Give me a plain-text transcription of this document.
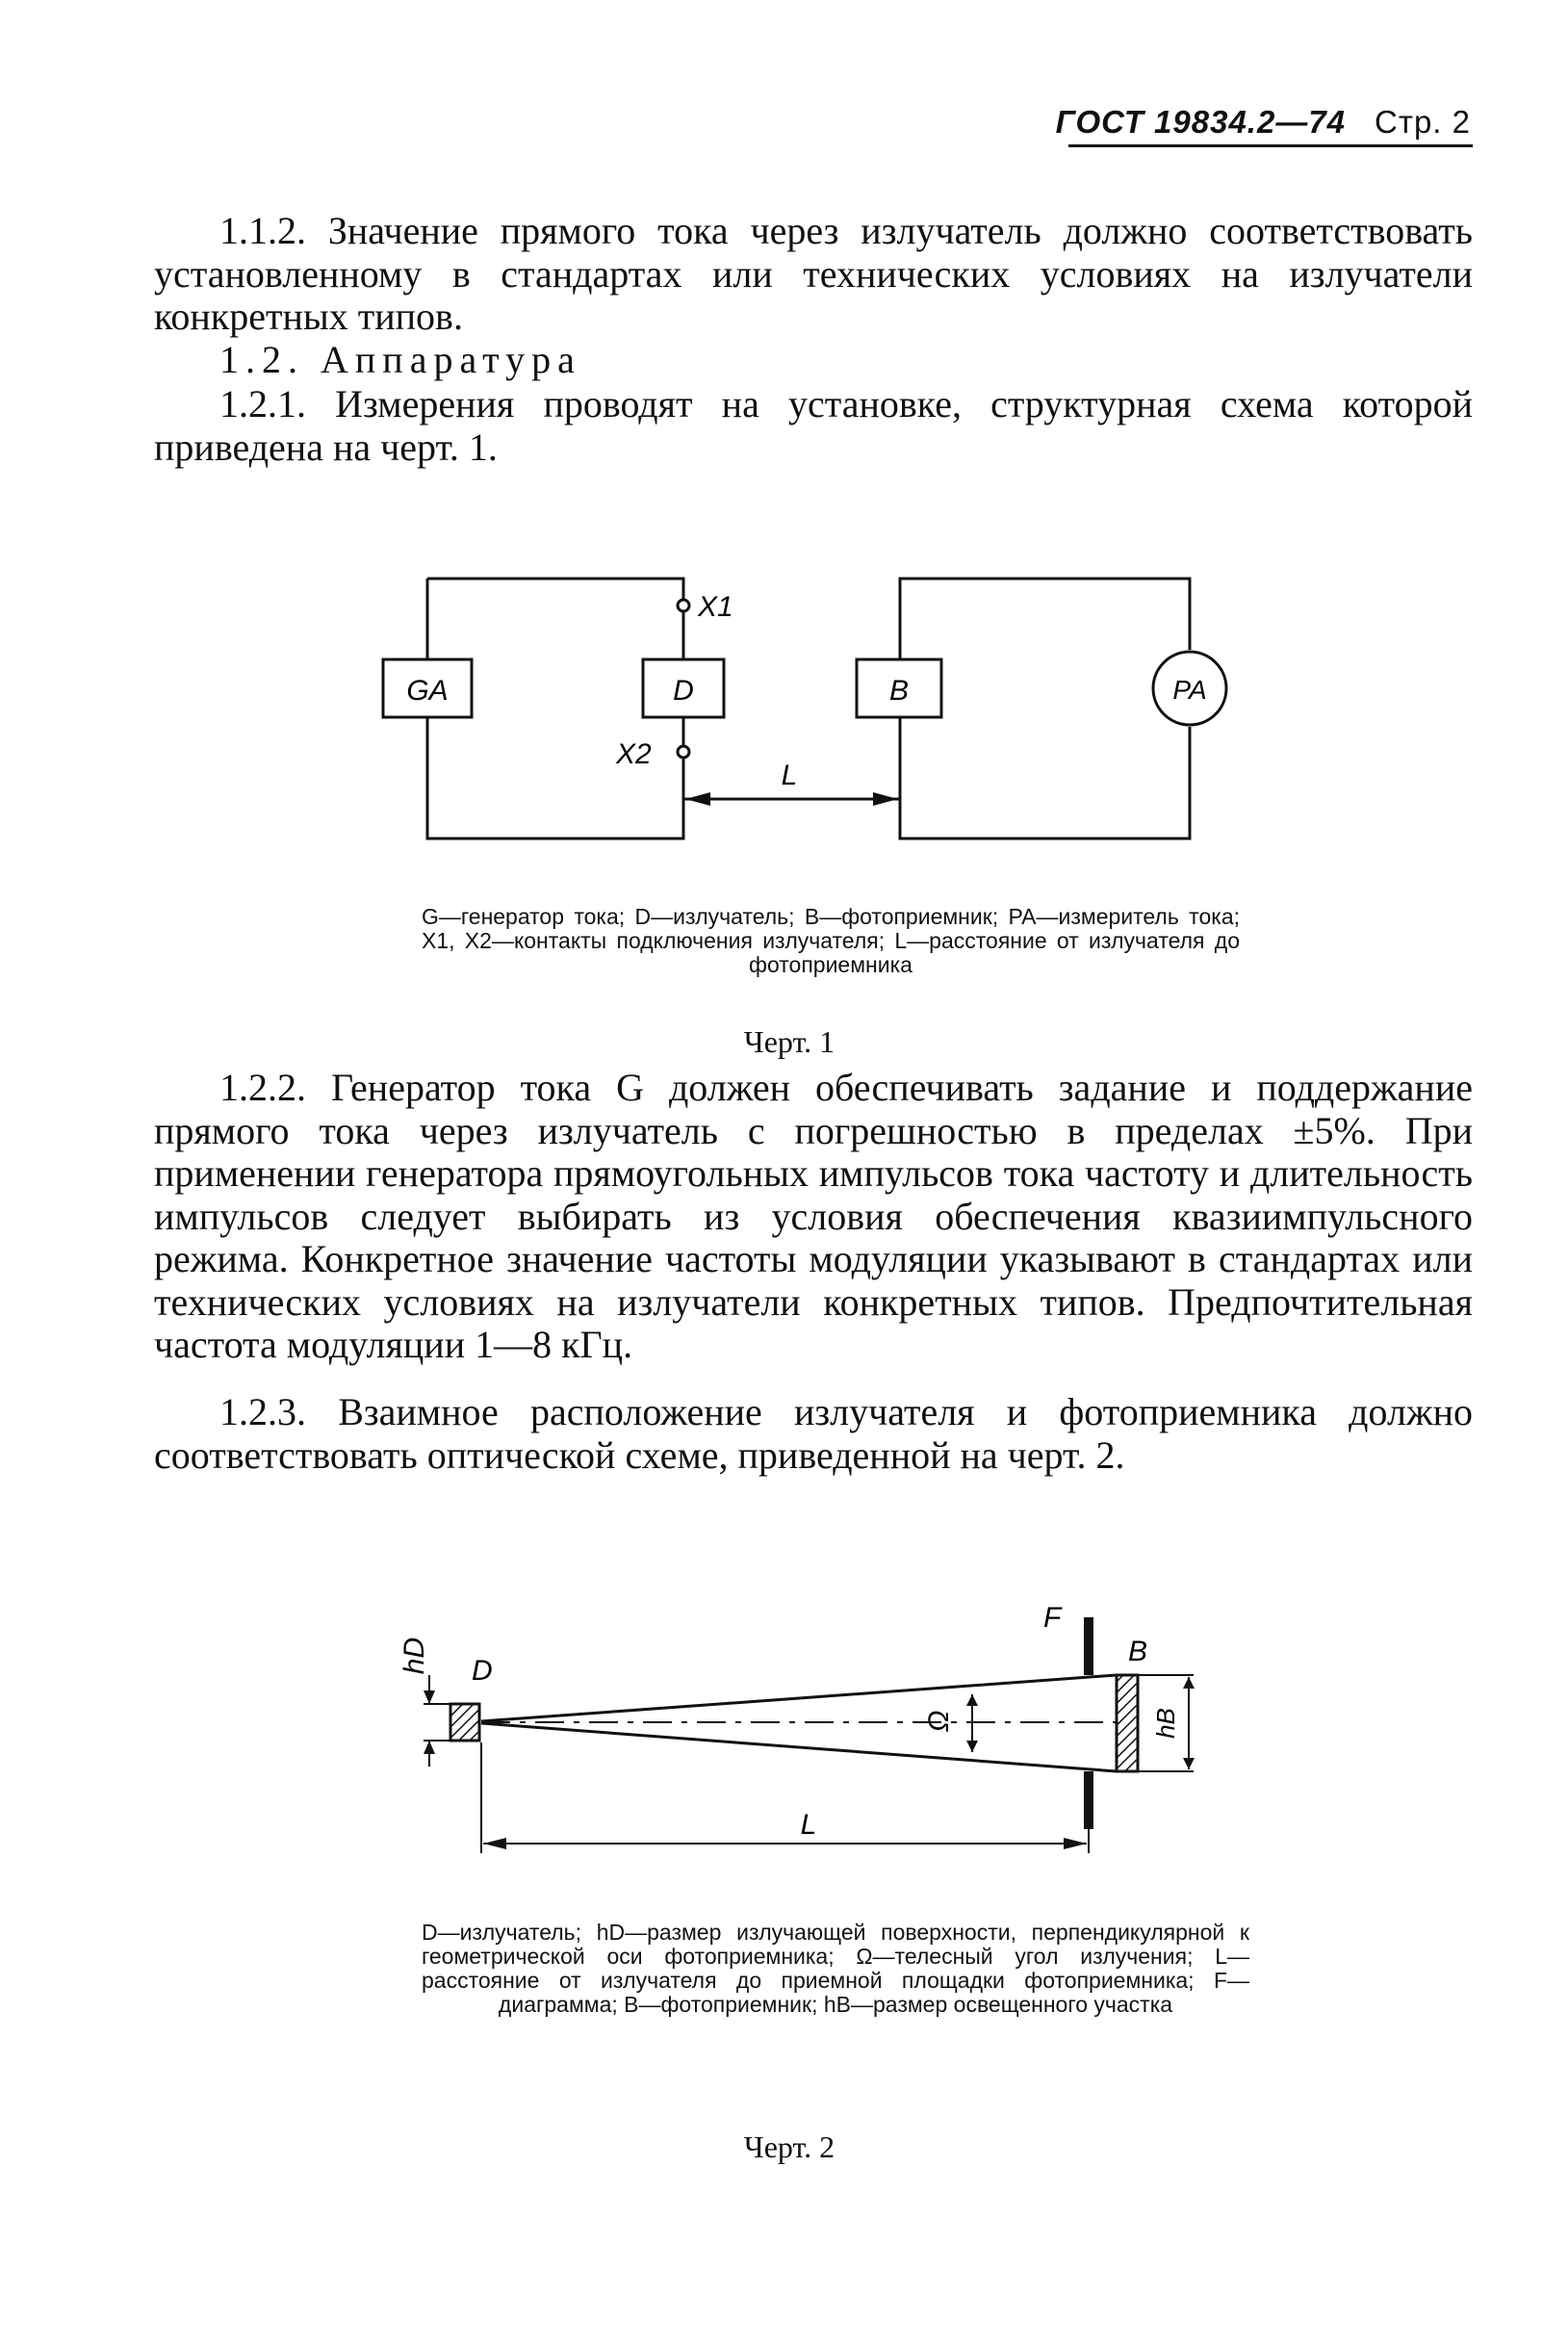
ГОСТ 19834.2—74 Стр. 2
1.1.2. Значение прямого тока через излучатель должно соответствовать установленному в стандартах или технических условиях на излучатели конкретных типов.
1.2. Аппаратура
1.2.1. Измерения проводят на установке, структурная схема которой приведена на черт. 1.
GA	D	B	PA
X1
X2
L
G—генератор тока; D—излучатель; B—фотоприемник; PA—измеритель тока; X1, X2—контакты подключения излучателя; L—расстояние от излучателя до фотоприемника
Черт. 1
1.2.2. Генератор тока G должен обеспечивать задание и поддержание прямого тока через излучатель с погрешностью в пределах ±5%. При применении генератора прямоугольных импульсов тока частоту и длительность импульсов следует выбирать из условия обеспечения квазиимпульсного режима. Конкретное значение частоты модуляции указывают в стандартах или технических условиях на излучатели конкретных типов. Предпочтительная частота модуляции 1—8 кГц.
1.2.3. Взаимное расположение излучателя и фотоприемника должно соответствовать оптической схеме, приведенной на черт. 2.
hD D
F
B
Ω	hB
L
D—излучатель; hD—размер излучающей поверхности, перпендикулярной к геометрической оси фотоприемника; Ω—телесный угол излучения; L—расстояние от излучателя до приемной площадки фотоприемника; F—диаграмма; B—фотоприемник; hB—размер освещенного участка
Черт. 2
